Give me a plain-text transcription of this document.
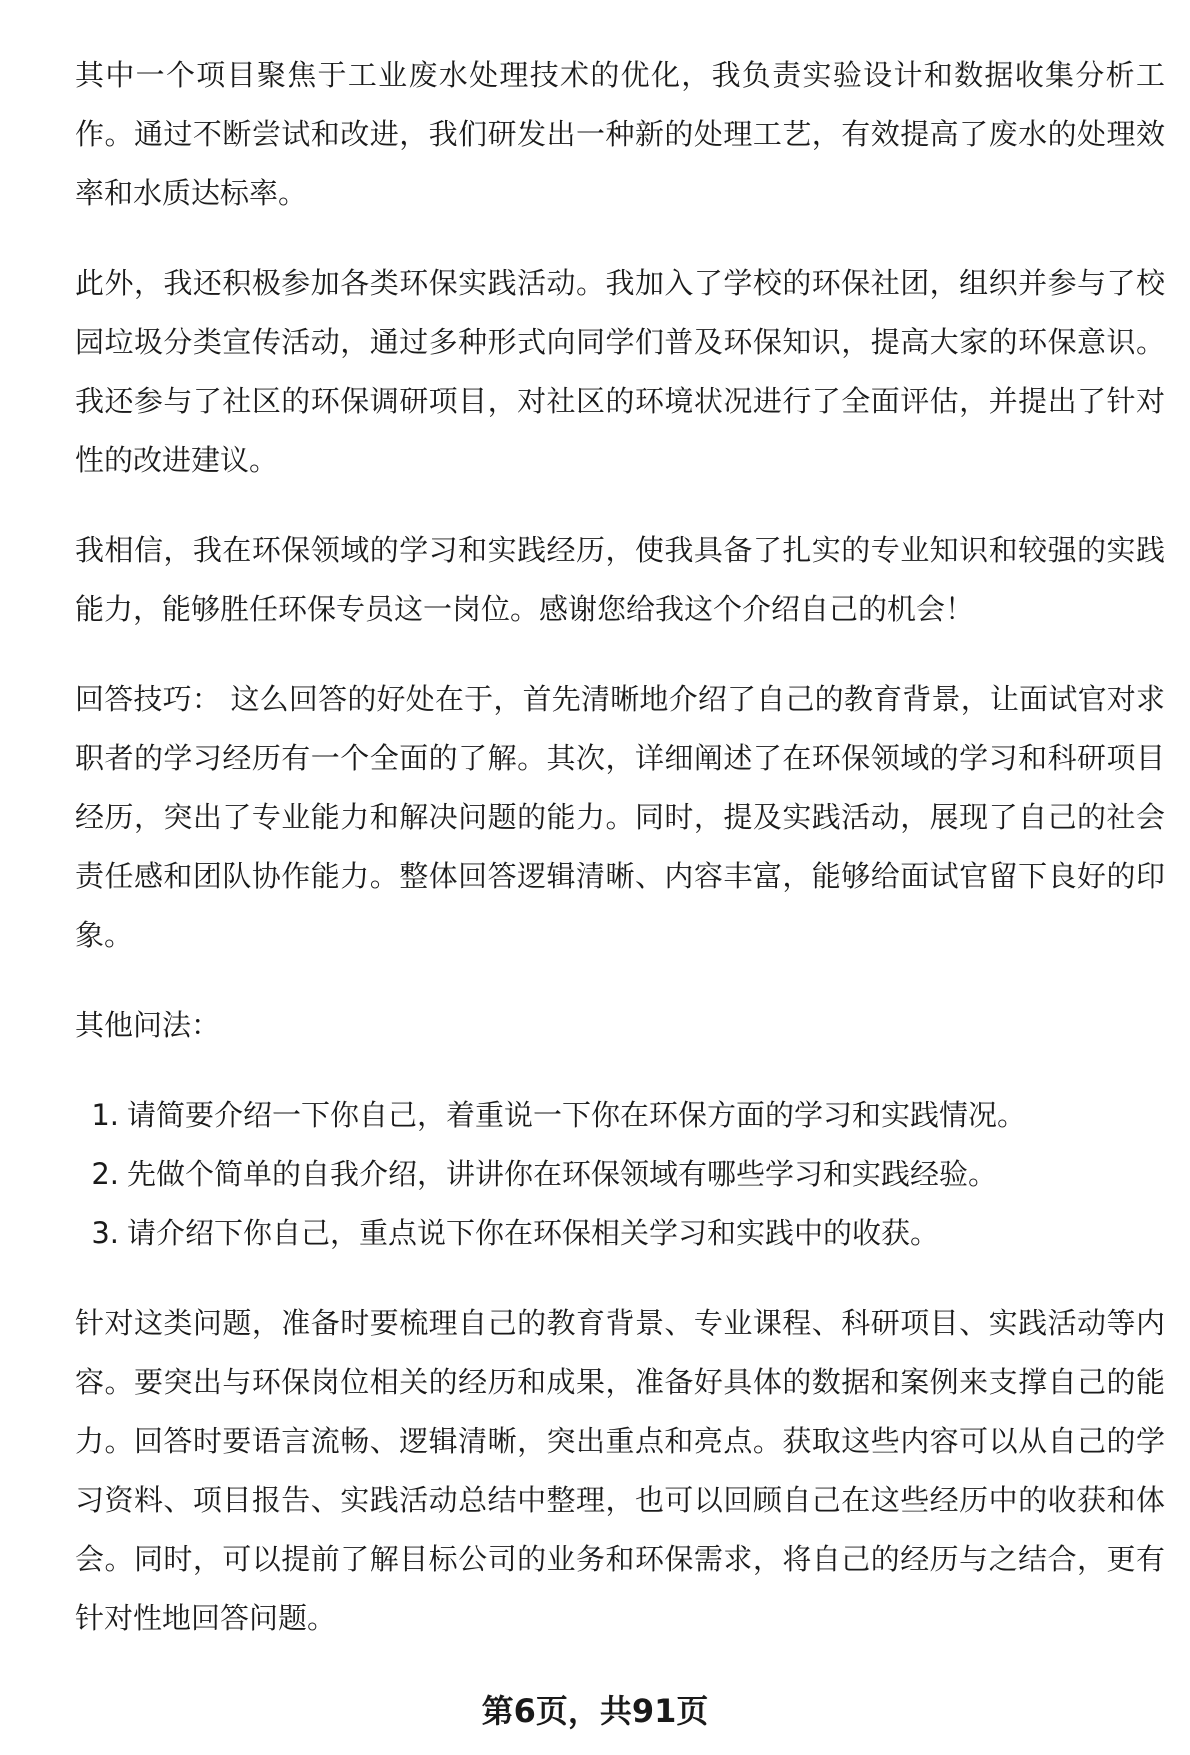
其中一个项目聚焦于工业废水处理技术的优化，我负责实验设计和数据收集分析工作。通过不断尝试和改进，我们研发出一种新的处理工艺，有效提高了废水的处理效率和水质达标率。

此外，我还积极参加各类环保实践活动。我加入了学校的环保社团，组织并参与了校园垃圾分类宣传活动，通过多种形式向同学们普及环保知识，提高大家的环保意识。我还参与了社区的环保调研项目，对社区的环境状况进行了全面评估，并提出了针对性的改进建议。

我相信，我在环保领域的学习和实践经历，使我具备了扎实的专业知识和较强的实践能力，能够胜任环保专员这一岗位。感谢您给我这个介绍自己的机会！

回答技巧： 这么回答的好处在于，首先清晰地介绍了自己的教育背景，让面试官对求职者的学习经历有一个全面的了解。其次，详细阐述了在环保领域的学习和科研项目经历，突出了专业能力和解决问题的能力。同时，提及实践活动，展现了自己的社会责任感和团队协作能力。整体回答逻辑清晰、内容丰富，能够给面试官留下良好的印象。

其他问法：

1. 请简要介绍一下你自己，着重说一下你在环保方面的学习和实践情况。
2. 先做个简单的自我介绍，讲讲你在环保领域有哪些学习和实践经验。
3. 请介绍下你自己，重点说下你在环保相关学习和实践中的收获。

针对这类问题，准备时要梳理自己的教育背景、专业课程、科研项目、实践活动等内容。要突出与环保岗位相关的经历和成果，准备好具体的数据和案例来支撑自己的能力。回答时要语言流畅、逻辑清晰，突出重点和亮点。获取这些内容可以从自己的学习资料、项目报告、实践活动总结中整理，也可以回顾自己在这些经历中的收获和体会。同时，可以提前了解目标公司的业务和环保需求，将自己的经历与之结合，更有针对性地回答问题。

第6页，共91页
